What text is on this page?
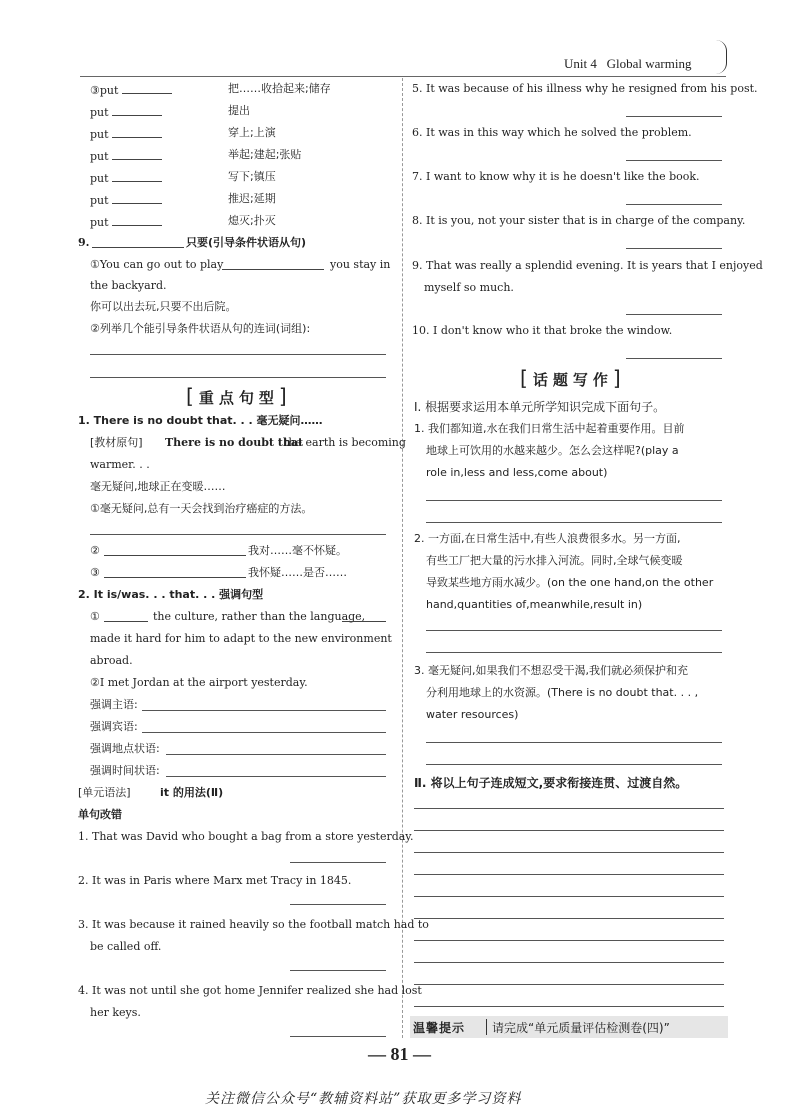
Unit 4 Global warming
③put	把……收拾起来;储存
put	提出
put	穿上;上演
put	举起;建起;张贴
put	写下;镇压
put	推迟;延期
put	熄灭;扑灭
9.	只要(引导条件状语从句)
①You can go out to play	you stay in
the backyard.
你可以出去玩,只要不出后院。
②列举几个能引导条件状语从句的连词(词组):
[重点句型]
1. There is no doubt that. . . 毫无疑问……
[教材原句] There is no doubt that
the earth is becoming
warmer. . .
毫无疑问,地球正在变暖……
①毫无疑问,总有一天会找到治疗癌症的方法。
②	我对……毫不怀疑。
③	我怀疑……是否……
2. It is/was. . . that. . . 强调句型
①	the culture, rather than the language,
made it hard for him to adapt to the new environment
abroad.
②I met Jordan at the airport yesterday.
强调主语:
强调宾语:
强调地点状语:
强调时间状语:
[单元语法]	it 的用法(Ⅱ)
单句改错
1. That was David who bought a bag from a store yesterday.
2. It was in Paris where Marx met Tracy in 1845.
3. It was because it rained heavily so the football match had to
be called off.
4. It was not until she got home Jennifer realized she had lost
her keys.
5. It was because of his illness why he resigned from his post.
6. It was in this way which he solved the problem.
7. I want to know why it is he doesn't like the book.
8. It is you, not your sister that is in charge of the company.
9. That was really a splendid evening. It is years that I enjoyed
myself so much.
10. I don't know who it that broke the window.
[话题写作]
Ⅰ. 根据要求运用本单元所学知识完成下面句子。
1. 我们都知道,水在我们日常生活中起着重要作用。目前
地球上可饮用的水越来越少。怎么会这样呢?(play a
role in,less and less,come about)
2. 一方面,在日常生活中,有些人浪费很多水。另一方面,
有些工厂把大量的污水排入河流。同时,全球气候变暖
导致某些地方雨水减少。(on the one hand,on the other
hand,quantities of,meanwhile,result in)
3. 毫无疑问,如果我们不想忍受干渴,我们就必须保护和充
分利用地球上的水资源。(There is no doubt that. . . ,
water resources)
Ⅱ. 将以上句子连成短文,要求衔接连贯、过渡自然。
温馨提示 请完成“单元质量评估检测卷(四)”
— 81 —
关注微信公众号“教辅资料站”获取更多学习资料
